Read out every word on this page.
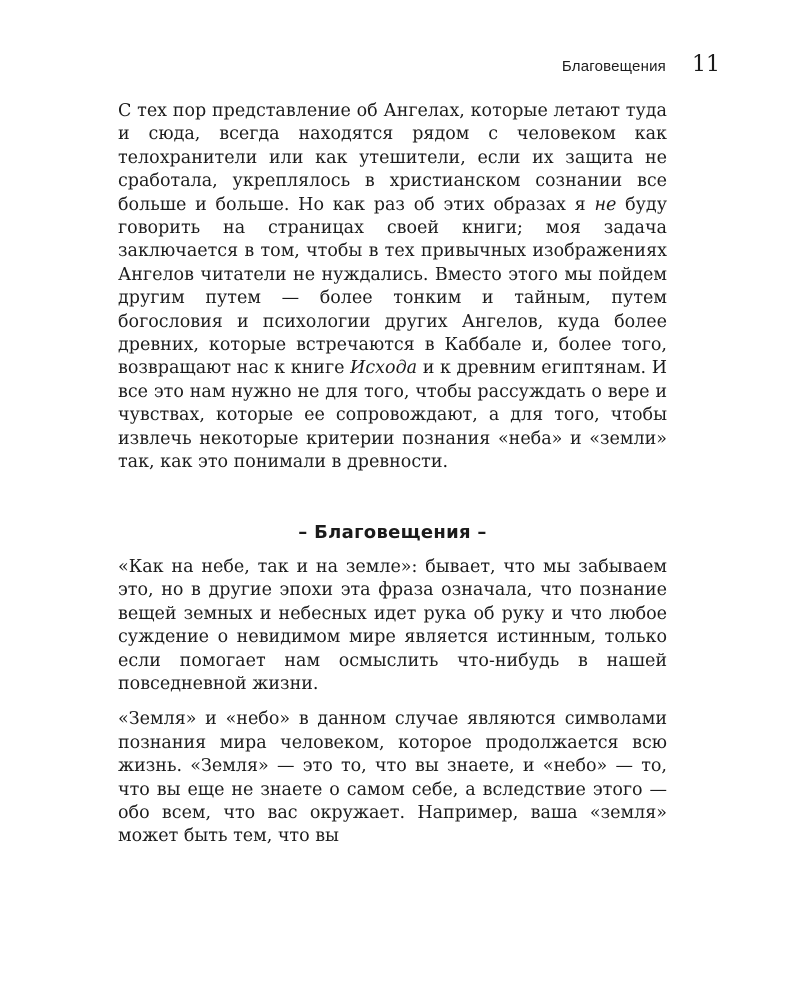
Благовещения 11

С тех пор представление об Ангелах, которые летают туда и сюда, всегда находятся рядом с человеком как телохранители или как утешители, если их защита не сработала, укреплялось в христианском сознании все больше и больше. Но как раз об этих образах я не буду говорить на страницах своей книги; моя задача заключается в том, чтобы в тех привычных изображениях Ангелов читатели не нуждались. Вместо этого мы пойдем другим путем — более тонким и тайным, путем богословия и психологии других Ангелов, куда более древних, которые встречаются в Каббале и, более того, возвращают нас к книге Исхода и к древним египтянам. И все это нам нужно не для того, чтобы рассуждать о вере и чувствах, которые ее сопровождают, а для того, чтобы извлечь некоторые критерии познания «неба» и «земли» так, как это понимали в древности.

– Благовещения –

«Как на небе, так и на земле»: бывает, что мы забываем это, но в другие эпохи эта фраза означала, что познание вещей земных и небесных идет рука об руку и что любое суждение о невидимом мире является истинным, только если помогает нам осмыслить что-нибудь в нашей повседневной жизни.

«Земля» и «небо» в данном случае являются символами познания мира человеком, которое продолжается всю жизнь. «Земля» — это то, что вы знаете, и «небо» — то, что вы еще не знаете о самом себе, а вследствие этого — обо всем, что вас окружает. Например, ваша «земля» может быть тем, что вы
